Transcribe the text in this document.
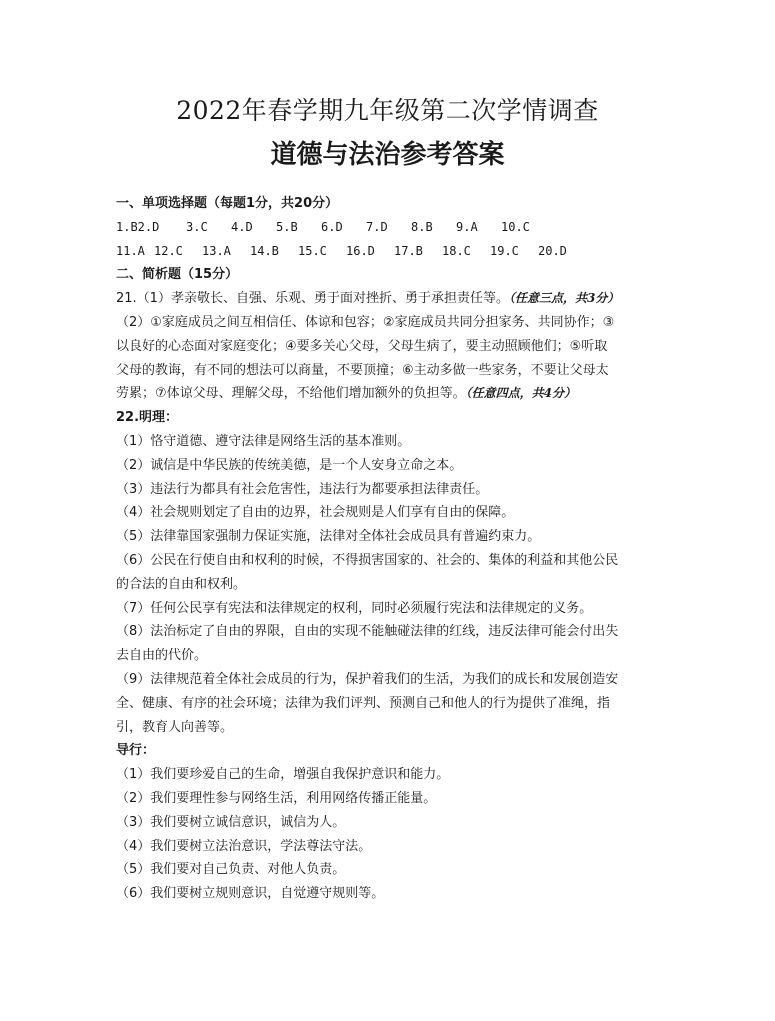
2022年春学期九年级第二次学情调查
道德与法治参考答案
一、单项选择题（每题1分，共20分）
1.B2.D	3.C	4.D	5.B	6.D	7.D	8.B	9.A	10.C
11.A 12.C	13.A	14.B	15.C	16.D	17.B	18.C	19.C	20.D
二、简析题（15分）
21.（1）孝亲敬长、自强、乐观、勇于面对挫折、勇于承担责任等。（任意三点，共3分）
（2）①家庭成员之间互相信任、体谅和包容；②家庭成员共同分担家务、共同协作；③
以良好的心态面对家庭变化；④要多关心父母，父母生病了，要主动照顾他们；⑤听取
父母的教诲，有不同的想法可以商量，不要顶撞；⑥主动多做一些家务，不要让父母太
劳累；⑦体谅父母、理解父母，不给他们增加额外的负担等。（任意四点，共4分）
22.明理：
（1）恪守道德、遵守法律是网络生活的基本准则。
（2）诚信是中华民族的传统美德，是一个人安身立命之本。
（3）违法行为都具有社会危害性，违法行为都要承担法律责任。
（4）社会规则划定了自由的边界，社会规则是人们享有自由的保障。
（5）法律靠国家强制力保证实施，法律对全体社会成员具有普遍约束力。
（6）公民在行使自由和权利的时候，不得损害国家的、社会的、集体的利益和其他公民
的合法的自由和权利。
（7）任何公民享有宪法和法律规定的权利，同时必须履行宪法和法律规定的义务。
（8）法治标定了自由的界限，自由的实现不能触碰法律的红线，违反法律可能会付出失
去自由的代价。
（9）法律规范着全体社会成员的行为，保护着我们的生活，为我们的成长和发展创造安
全、健康、有序的社会环境；法律为我们评判、预测自己和他人的行为提供了准绳，指
引，教育人向善等。
导行：
（1）我们要珍爱自己的生命，增强自我保护意识和能力。
（2）我们要理性参与网络生活，利用网络传播正能量。
（3）我们要树立诚信意识，诚信为人。
（4）我们要树立法治意识，学法尊法守法。
（5）我们要对自己负责、对他人负责。
（6）我们要树立规则意识，自觉遵守规则等。
